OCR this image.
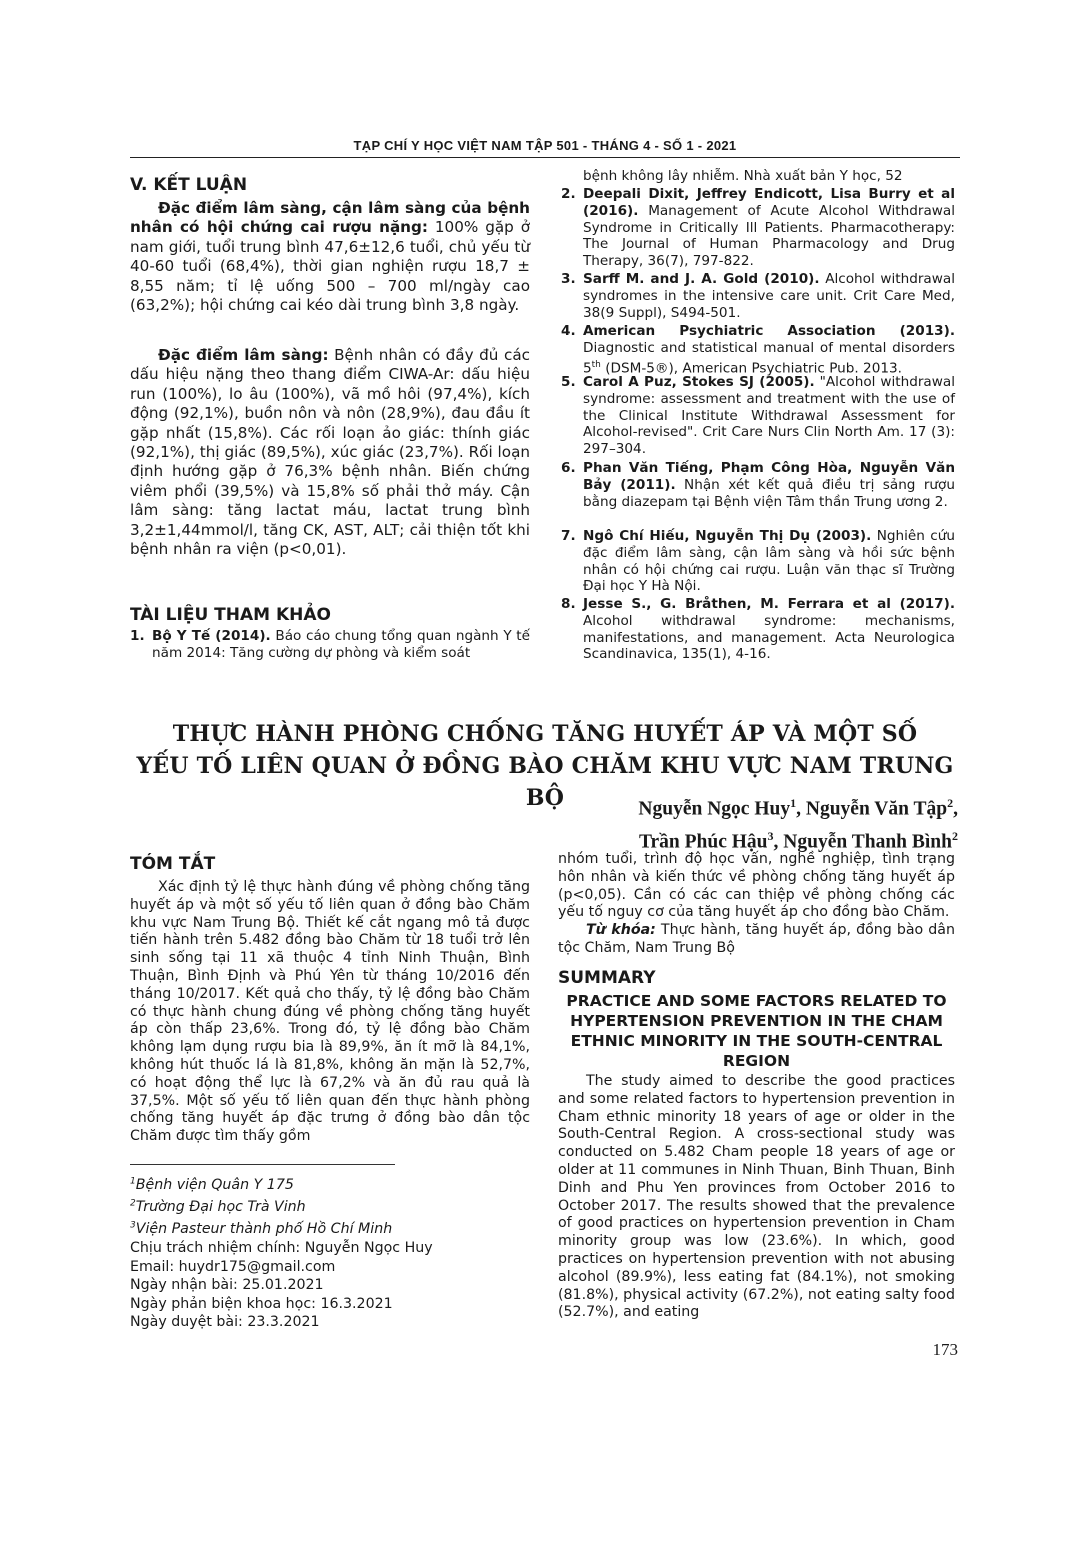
TẠP CHÍ Y HỌC VIỆT NAM TẬP 501 - THÁNG 4 - SỐ 1 - 2021
V. KẾT LUẬN
Đặc điểm lâm sàng, cận lâm sàng của bệnh nhân có hội chứng cai rượu nặng: 100% gặp ở nam giới, tuổi trung bình 47,6±12,6 tuổi, chủ yếu từ 40-60 tuổi (68,4%), thời gian nghiện rượu 18,7 ± 8,55 năm; tỉ lệ uống 500 – 700 ml/ngày cao (63,2%); hội chứng cai kéo dài trung bình 3,8 ngày.
Đặc điểm lâm sàng: Bệnh nhân có đầy đủ các dấu hiệu nặng theo thang điểm CIWA-Ar: dấu hiệu run (100%), lo âu (100%), vã mồ hôi (97,4%), kích động (92,1%), buồn nôn và nôn (28,9%), đau đầu ít gặp nhất (15,8%). Các rối loạn ảo giác: thính giác (92,1%), thị giác (89,5%), xúc giác (23,7%). Rối loạn định hướng gặp ở 76,3% bệnh nhân. Biến chứng viêm phổi (39,5%) và 15,8% số phải thở máy. Cận lâm sàng: tăng lactat máu, lactat trung bình 3,2±1,44mmol/l, tăng CK, AST, ALT; cải thiện tốt khi bệnh nhân ra viện (p<0,01).
TÀI LIỆU THAM KHẢO
1. Bộ Y Tế (2014). Báo cáo chung tổng quan ngành Y tế năm 2014: Tăng cường dự phòng và kiểm soát
bệnh không lây nhiễm. Nhà xuất bản Y học, 52
2. Deepali Dixit, Jeffrey Endicott, Lisa Burry et al (2016). Management of Acute Alcohol Withdrawal Syndrome in Critically Ill Patients. Pharmacotherapy: The Journal of Human Pharmacology and Drug Therapy, 36(7), 797-822.
3. Sarff M. and J. A. Gold (2010). Alcohol withdrawal syndromes in the intensive care unit. Crit Care Med, 38(9 Suppl), S494-501.
4. American Psychiatric Association (2013). Diagnostic and statistical manual of mental disorders 5th (DSM-5®), American Psychiatric Pub. 2013.
5. Carol A Puz, Stokes SJ (2005). "Alcohol withdrawal syndrome: assessment and treatment with the use of the Clinical Institute Withdrawal Assessment for Alcohol-revised". Crit Care Nurs Clin North Am. 17 (3): 297–304.
6. Phan Văn Tiếng, Phạm Công Hòa, Nguyễn Văn Bảy (2011). Nhận xét kết quả điều trị sảng rượu bằng diazepam tại Bệnh viện Tâm thần Trung ương 2.
7. Ngô Chí Hiếu, Nguyễn Thị Dụ (2003). Nghiên cứu đặc điểm lâm sàng, cận lâm sàng và hồi sức bệnh nhân có hội chứng cai rượu. Luận văn thạc sĩ Trường Đại học Y Hà Nội.
8. Jesse S., G. Bråthen, M. Ferrara et al (2017). Alcohol withdrawal syndrome: mechanisms, manifestations, and management. Acta Neurologica Scandinavica, 135(1), 4-16.
THỰC HÀNH PHÒNG CHỐNG TĂNG HUYẾT ÁP VÀ MỘT SỐ
YẾU TỐ LIÊN QUAN Ở ĐỒNG BÀO CHĂM KHU VỰC NAM TRUNG BỘ	Nguyễn Ngọc Huy$^1$, Nguyễn Văn Tập$^2$,
Trần Phúc Hậu$^3$, Nguyễn Thanh Bình$^2$
TÓM TẮT
Xác định tỷ lệ thực hành đúng về phòng chống tăng huyết áp và một số yếu tố liên quan ở đồng bào Chăm khu vực Nam Trung Bộ. Thiết kế cắt ngang mô tả được tiến hành trên 5.482 đồng bào Chăm từ 18 tuổi trở lên sinh sống tại 11 xã thuộc 4 tỉnh Ninh Thuận, Bình Thuận, Bình Định và Phú Yên từ tháng 10/2016 đến tháng 10/2017. Kết quả cho thấy, tỷ lệ đồng bào Chăm có thực hành chung đúng về phòng chống tăng huyết áp còn thấp 23,6%. Trong đó, tỷ lệ đồng bào Chăm không lạm dụng rượu bia là 89,9%, ăn ít mỡ là 84,1%, không hút thuốc lá là 81,8%, không ăn mặn là 52,7%, có hoạt động thể lực là 67,2% và ăn đủ rau quả là 37,5%. Một số yếu tố liên quan đến thực hành phòng chống tăng huyết áp đặc trưng ở đồng bào dân tộc Chăm được tìm thấy gồm
nhóm tuổi, trình độ học vấn, nghề nghiệp, tình trạng hôn nhân và kiến thức về phòng chống tăng huyết áp (p<0,05). Cần có các can thiệp về phòng chống các yếu tố nguy cơ của tăng huyết áp cho đồng bào Chăm.
Từ khóa: Thực hành, tăng huyết áp, đồng bào dân tộc Chăm, Nam Trung Bộ
SUMMARY
PRACTICE AND SOME FACTORS RELATED TO HYPERTENSION PREVENTION IN THE CHAM ETHNIC MINORITY IN THE SOUTH-CENTRAL REGION
The study aimed to describe the good practices and some related factors to hypertension prevention in Cham ethnic minority 18 years of age or older in the South-Central Region. A cross-sectional study was conducted on 5.482 Cham people 18 years of age or older at 11 communes in Ninh Thuan, Binh Thuan, Binh Dinh and Phu Yen provinces from October 2016 to October 2017. The results showed that the prevalence of good practices on hypertension prevention in Cham minority group was low (23.6%). In which, good practices on hypertension prevention with not abusing alcohol (89.9%), less eating fat (84.1%), not smoking (81.8%), physical activity (67.2%), not eating salty food (52.7%), and eating
$^1$Bệnh viện Quân Y 175
$^2$Trường Đại học Trà Vinh
$^3$Viện Pasteur thành phố Hồ Chí Minh
Chịu trách nhiệm chính: Nguyễn Ngọc Huy
Email: huydr175@gmail.com
Ngày nhận bài: 25.01.2021
Ngày phản biện khoa học: 16.3.2021
Ngày duyệt bài: 23.3.2021
173
